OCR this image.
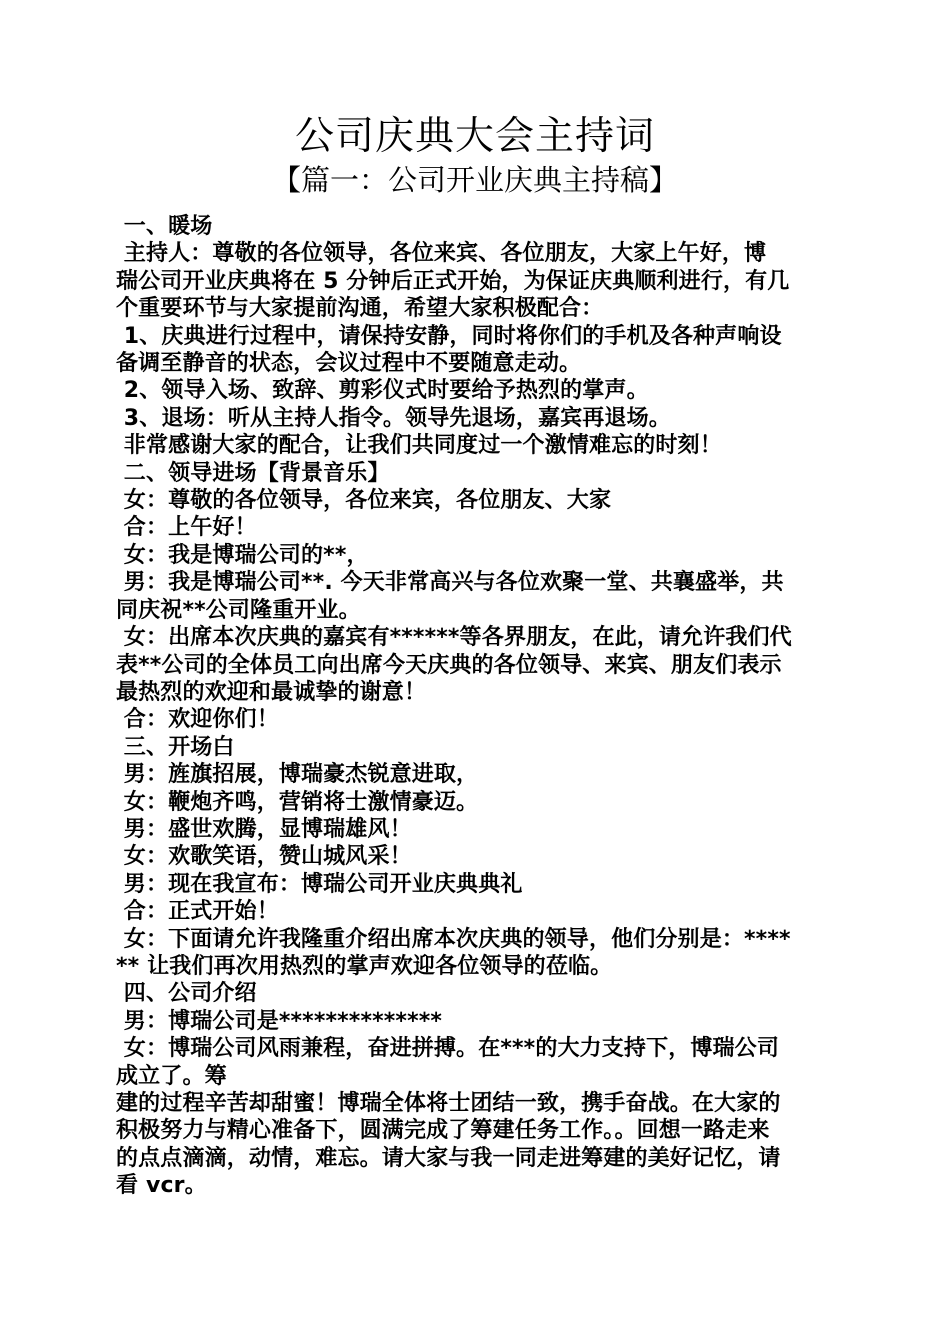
公司庆典大会主持词
【篇一：公司开业庆典主持稿】
一、暖场
主持人：尊敬的各位领导，各位来宾、各位朋友，大家上午好，博
瑞公司开业庆典将在 5 分钟后正式开始，为保证庆典顺利进行，有几
个重要环节与大家提前沟通，希望大家积极配合：
1、庆典进行过程中，请保持安静，同时将你们的手机及各种声响设
备调至静音的状态，会议过程中不要随意走动。
2、领导入场、致辞、剪彩仪式时要给予热烈的掌声。
3、退场：听从主持人指令。领导先退场，嘉宾再退场。
非常感谢大家的配合，让我们共同度过一个激情难忘的时刻！
二、领导进场【背景音乐】
女：尊敬的各位领导，各位来宾，各位朋友、大家
合：上午好！
女：我是博瑞公司的**，
男：我是博瑞公司**. 今天非常高兴与各位欢聚一堂、共襄盛举，共
同庆祝**公司隆重开业。
女：出席本次庆典的嘉宾有******等各界朋友，在此，请允许我们代
表**公司的全体员工向出席今天庆典的各位领导、来宾、朋友们表示
最热烈的欢迎和最诚挚的谢意！
合：欢迎你们！
三、开场白
男：旌旗招展，博瑞豪杰锐意进取，
女：鞭炮齐鸣，营销将士激情豪迈。
男：盛世欢腾，显博瑞雄风！
女：欢歌笑语，赞山城风采！
男：现在我宣布：博瑞公司开业庆典典礼
合：正式开始！
女：下面请允许我隆重介绍出席本次庆典的领导，他们分别是：****
** 让我们再次用热烈的掌声欢迎各位领导的莅临。
四、公司介绍
男：博瑞公司是**************
女：博瑞公司风雨兼程，奋进拼搏。在***的大力支持下，博瑞公司
成立了。筹
建的过程辛苦却甜蜜！博瑞全体将士团结一致，携手奋战。在大家的
积极努力与精心准备下，圆满完成了筹建任务工作。。回想一路走来
的点点滴滴，动情，难忘。请大家与我一同走进筹建的美好记忆，请
看 vcr。
